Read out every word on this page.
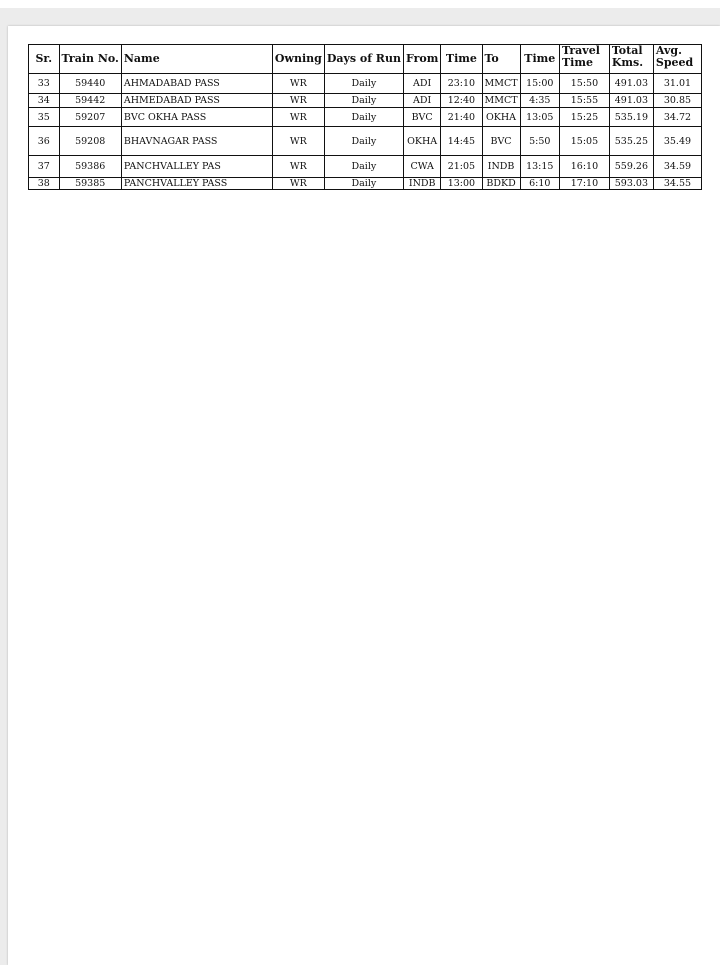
Sr.	Train No.	Name	Owning	Days of Run	From	Time	To	Time	Travel Time	Total Kms.	Avg. Speed
33	59440	AHMADABAD PASS	WR	Daily	ADI	23:10	MMCT	15:00	15:50	491.03	31.01
34	59442	AHMEDABAD PASS	WR	Daily	ADI	12:40	MMCT	4:35	15:55	491.03	30.85
35	59207	BVC OKHA PASS	WR	Daily	BVC	21:40	OKHA	13:05	15:25	535.19	34.72
36	59208	BHAVNAGAR PASS	WR	Daily	OKHA	14:45	BVC	5:50	15:05	535.25	35.49
37	59386	PANCHVALLEY PAS	WR	Daily	CWA	21:05	INDB	13:15	16:10	559.26	34.59
38	59385	PANCHVALLEY PASS	WR	Daily	INDB	13:00	BDKD	6:10	17:10	593.03	34.55
